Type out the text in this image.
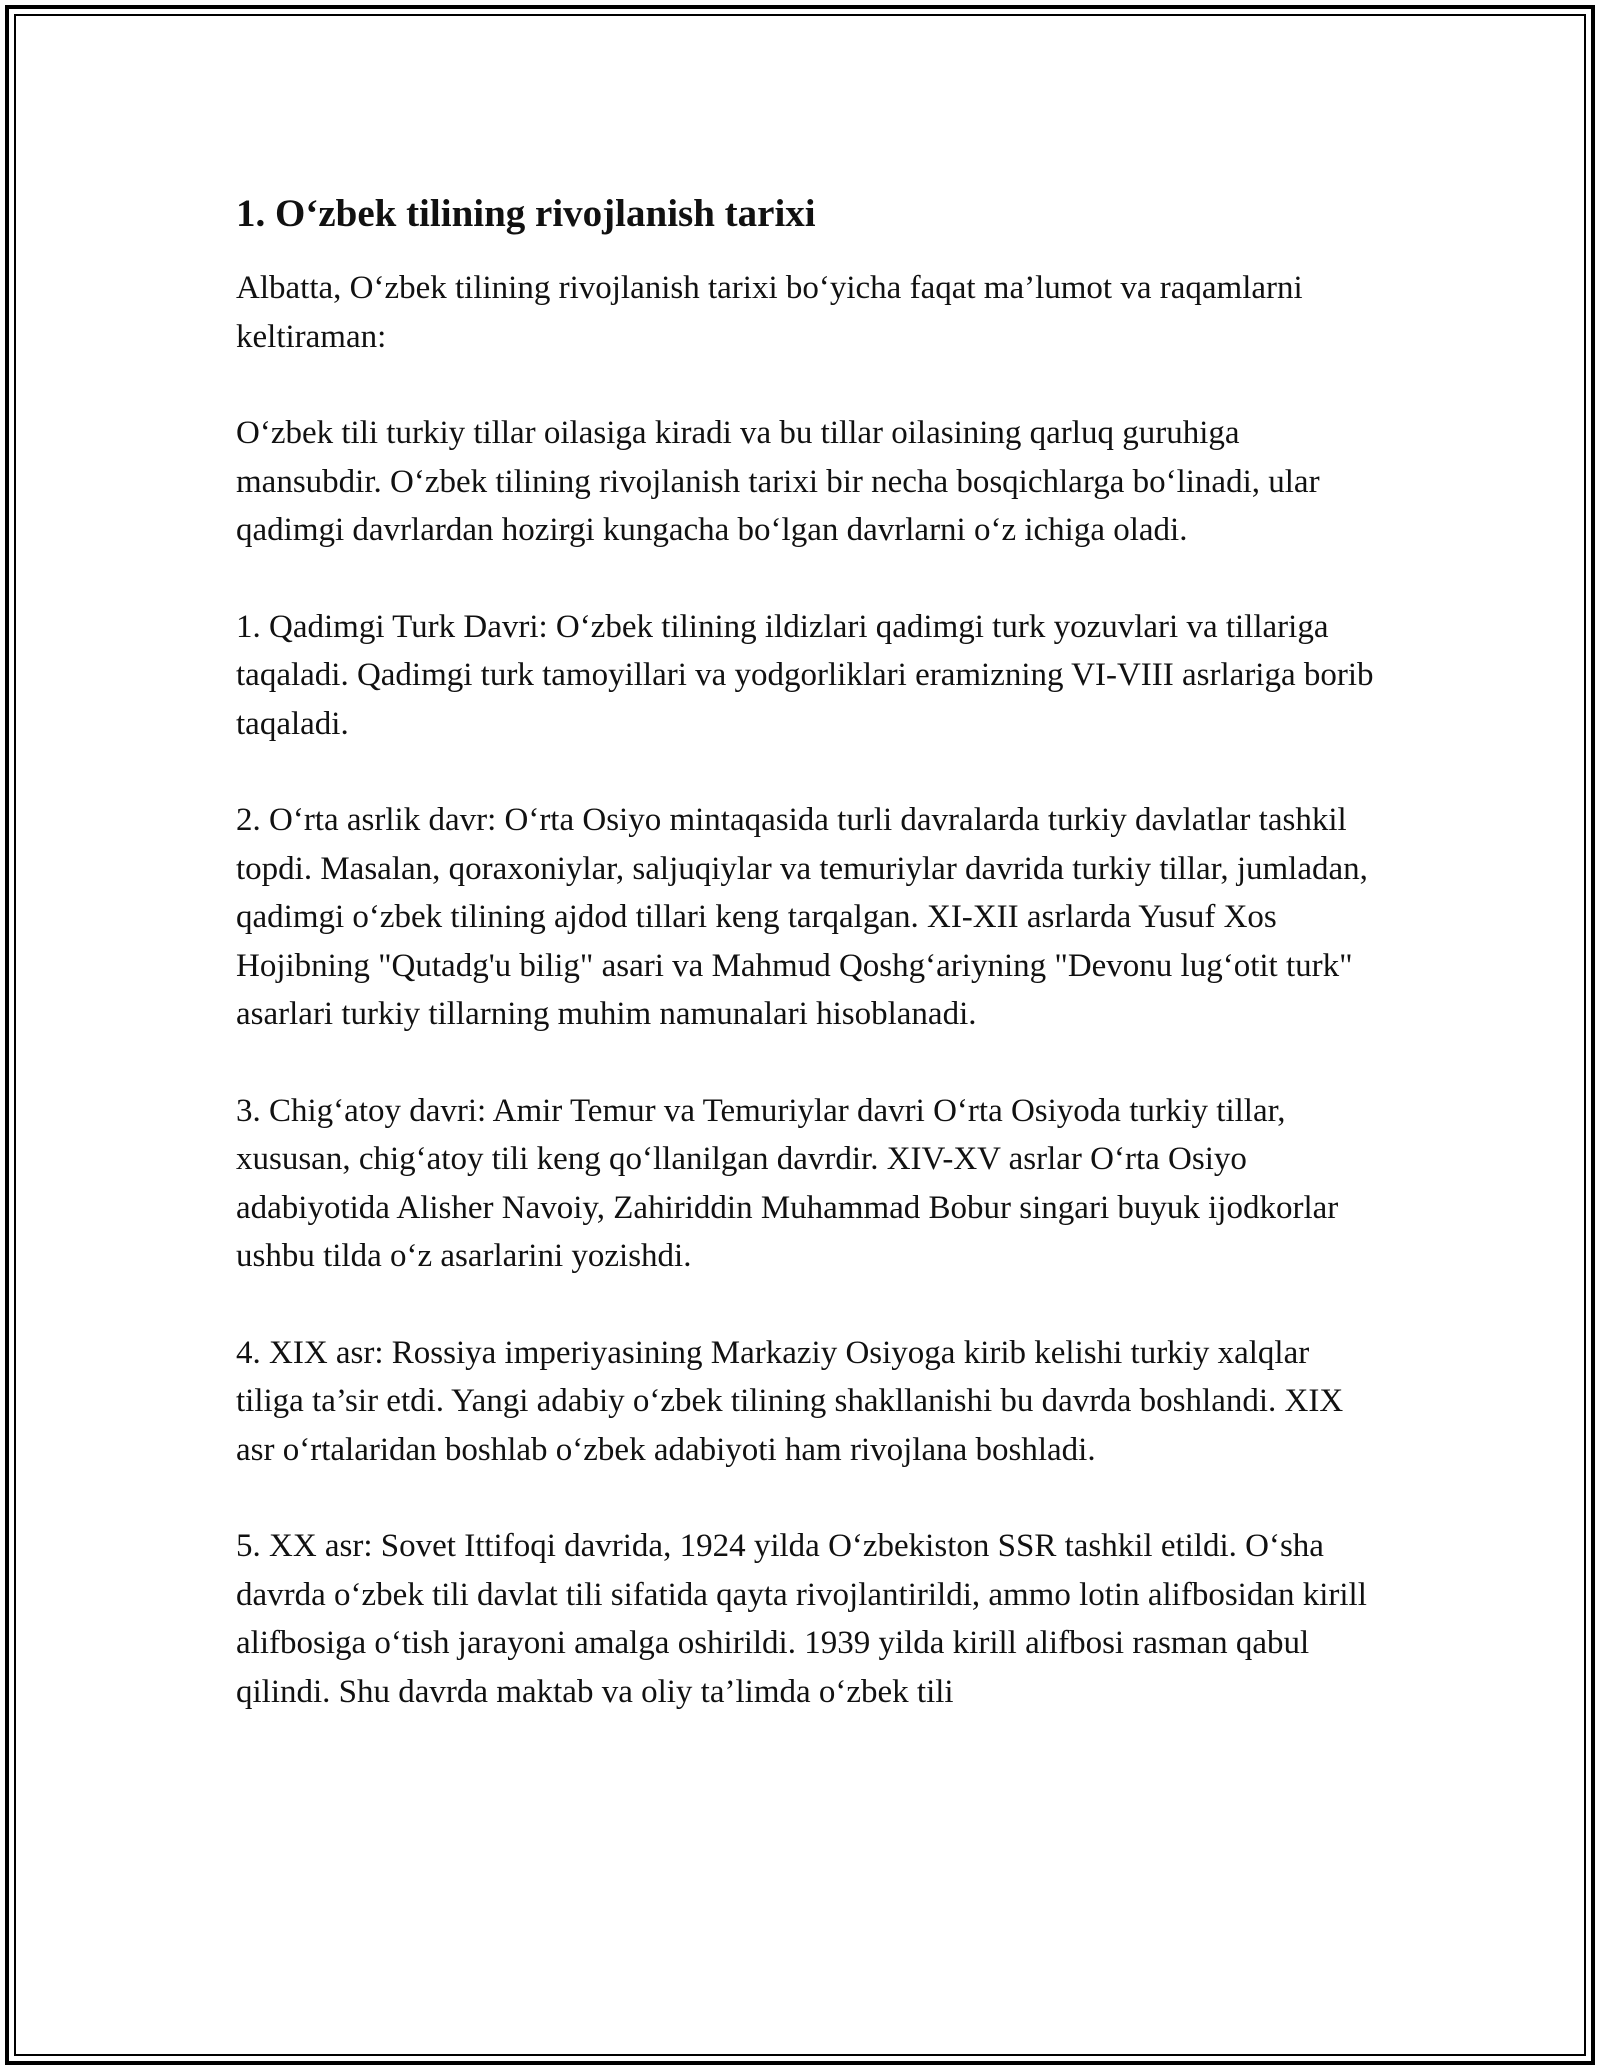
1. O‘zbek tilining rivojlanish tarixi

Albatta, O‘zbek tilining rivojlanish tarixi bo‘yicha faqat ma’lumot va raqamlarni keltiraman:

O‘zbek tili turkiy tillar oilasiga kiradi va bu tillar oilasining qarluq guruhiga mansubdir. O‘zbek tilining rivojlanish tarixi bir necha bosqichlarga bo‘linadi, ular qadimgi davrlardan hozirgi kungacha bo‘lgan davrlarni o‘z ichiga oladi.

1. Qadimgi Turk Davri: O‘zbek tilining ildizlari qadimgi turk yozuvlari va tillariga taqaladi. Qadimgi turk tamoyillari va yodgorliklari eramizning VI-VIII asrlariga borib taqaladi.

2. O‘rta asrlik davr: O‘rta Osiyo mintaqasida turli davralarda turkiy davlatlar tashkil topdi. Masalan, qoraxoniylar, saljuqiylar va temuriylar davrida turkiy tillar, jumladan, qadimgi o‘zbek tilining ajdod tillari keng tarqalgan. XI-XII asrlarda Yusuf Xos Hojibning "Qutadg'u bilig" asari va Mahmud Qoshg‘ariyning "Devonu lug‘otit turk" asarlari turkiy tillarning muhim namunalari hisoblanadi.

3. Chig‘atoy davri: Amir Temur va Temuriylar davri O‘rta Osiyoda turkiy tillar, xususan, chig‘atoy tili keng qo‘llanilgan davrdir. XIV-XV asrlar O‘rta Osiyo adabiyotida Alisher Navoiy, Zahiriddin Muhammad Bobur singari buyuk ijodkorlar ushbu tilda o‘z asarlarini yozishdi.

4. XIX asr: Rossiya imperiyasining Markaziy Osiyoga kirib kelishi turkiy xalqlar tiliga ta’sir etdi. Yangi adabiy o‘zbek tilining shakllanishi bu davrda boshlandi. XIX asr o‘rtalaridan boshlab o‘zbek adabiyoti ham rivojlana boshladi.

5. XX asr: Sovet Ittifoqi davrida, 1924 yilda O‘zbekiston SSR tashkil etildi. O‘sha davrda o‘zbek tili davlat tili sifatida qayta rivojlantirildi, ammo lotin alifbosidan kirill alifbosiga o‘tish jarayoni amalga oshirildi. 1939 yilda kirill alifbosi rasman qabul qilindi. Shu davrda maktab va oliy ta’limda o‘zbek tili
